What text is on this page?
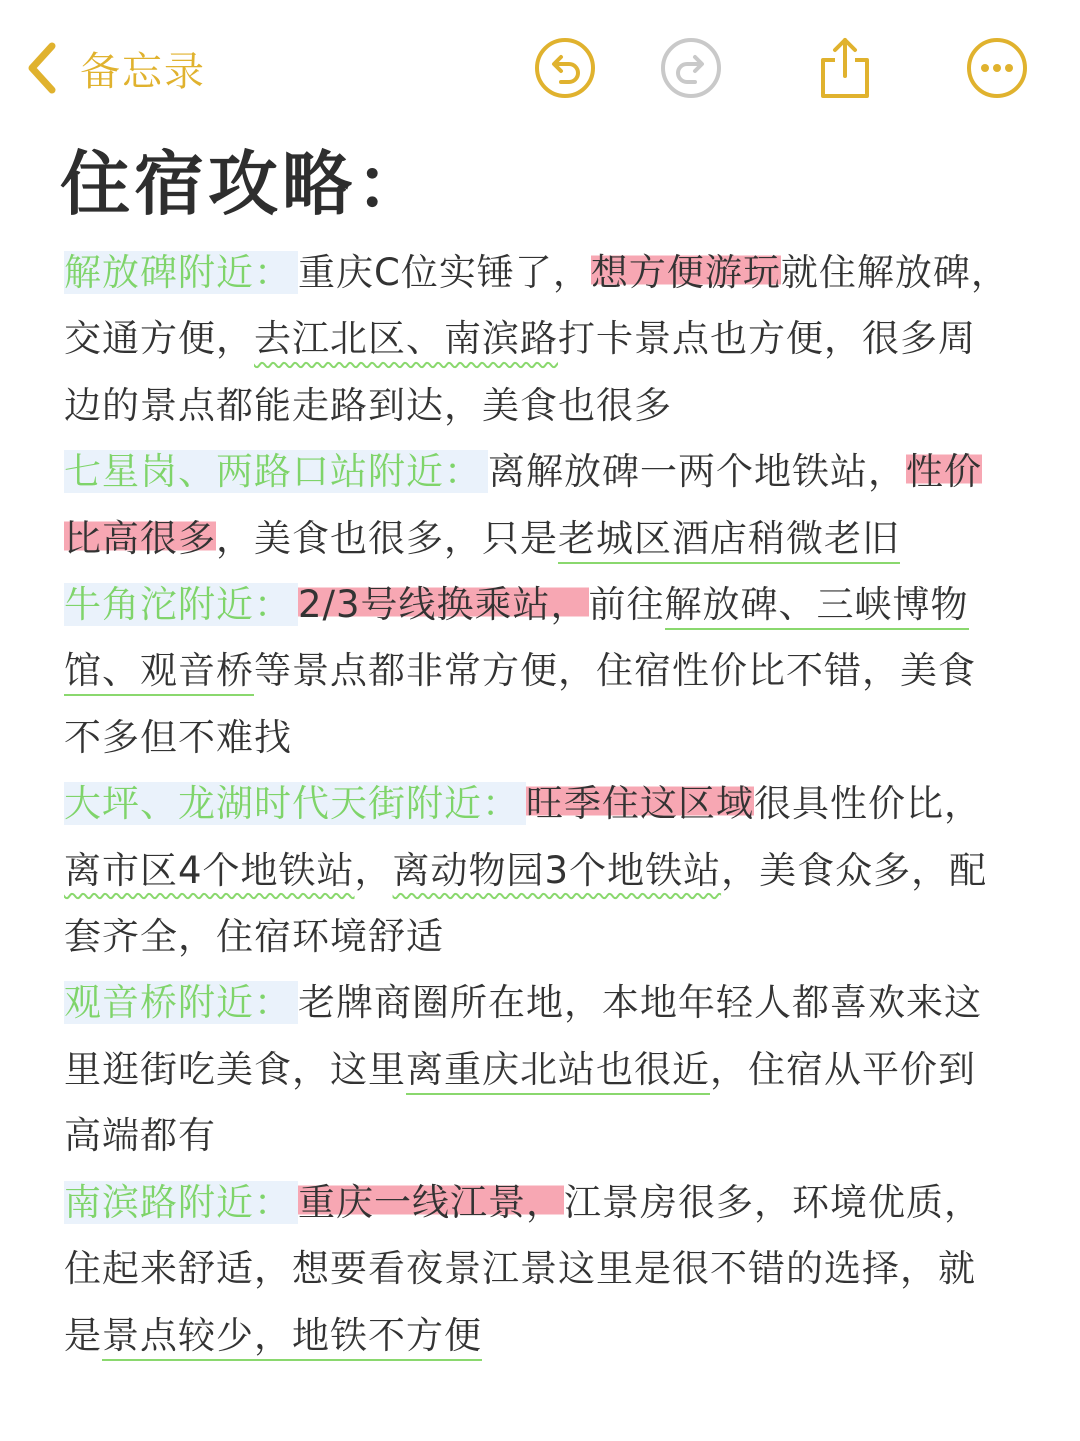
备忘录
住宿攻略：

解放碑附近： 重庆C位实锤了，想方便游玩就住解放碑，交通方便，去江北区、南滨路打卡景点也方便，很多周边的景点都能走路到达，美食也很多

七星岗、两路口站附近： 离解放碑一两个地铁站，性价比高很多，美食也很多，只是老城区酒店稍微老旧

牛角沱附近： 2/3号线换乘站，前往解放碑、三峡博物馆、观音桥等景点都非常方便，住宿性价比不错，美食不多但不难找

大坪、龙湖时代天街附近： 旺季住这区域很具性价比，离市区4个地铁站，离动物园3个地铁站，美食众多，配套齐全，住宿环境舒适

观音桥附近： 老牌商圈所在地，本地年轻人都喜欢来这里逛街吃美食，这里离重庆北站也很近，住宿从平价到高端都有

南滨路附近： 重庆一线江景，江景房很多，环境优质，住起来舒适，想要看夜景江景这里是很不错的选择，就是景点较少，地铁不方便
